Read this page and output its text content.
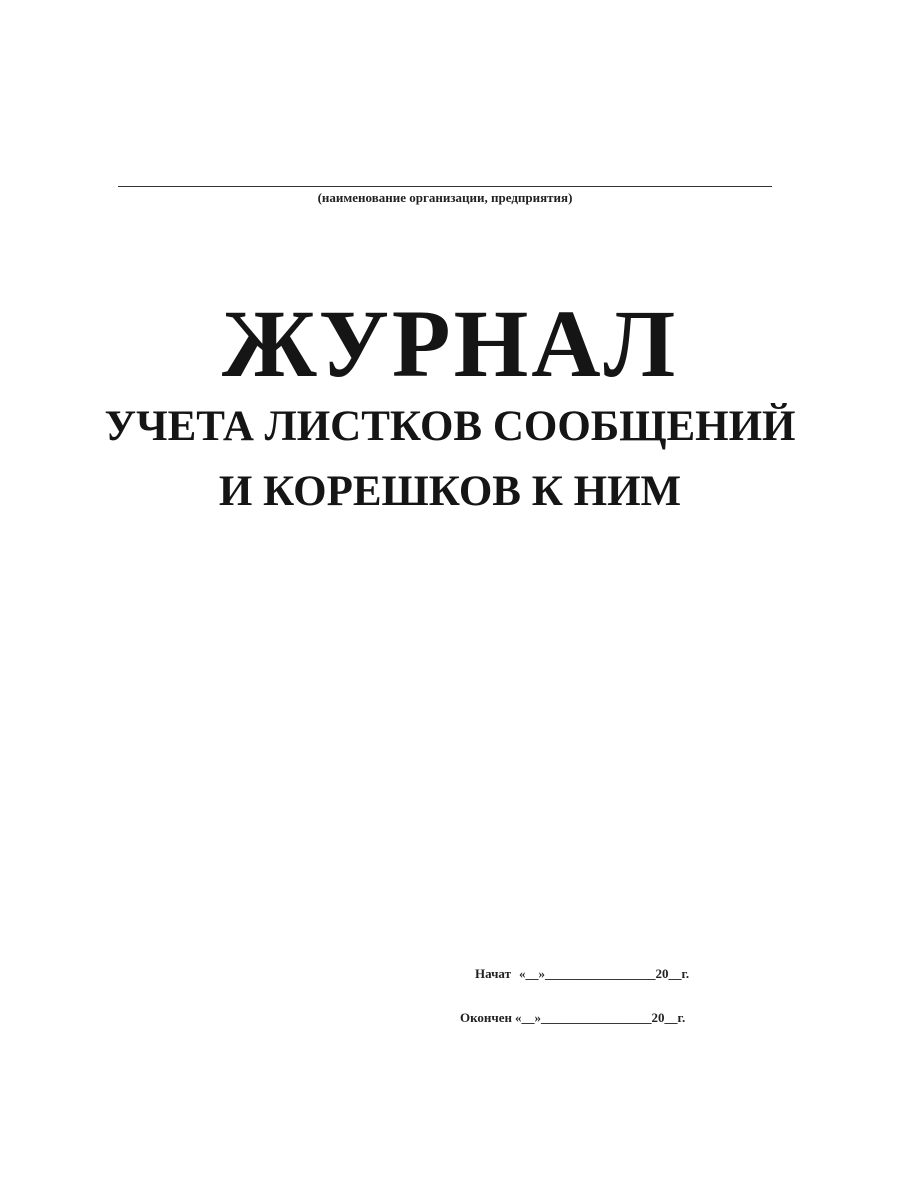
(наименование организации, предприятия)
ЖУРНАЛ
УЧЕТА ЛИСТКОВ СООБЩЕНИЙ
И КОРЕШКОВ К НИМ
Начат «__»_________________20__г.
Окончен «__»_________________20__г.
